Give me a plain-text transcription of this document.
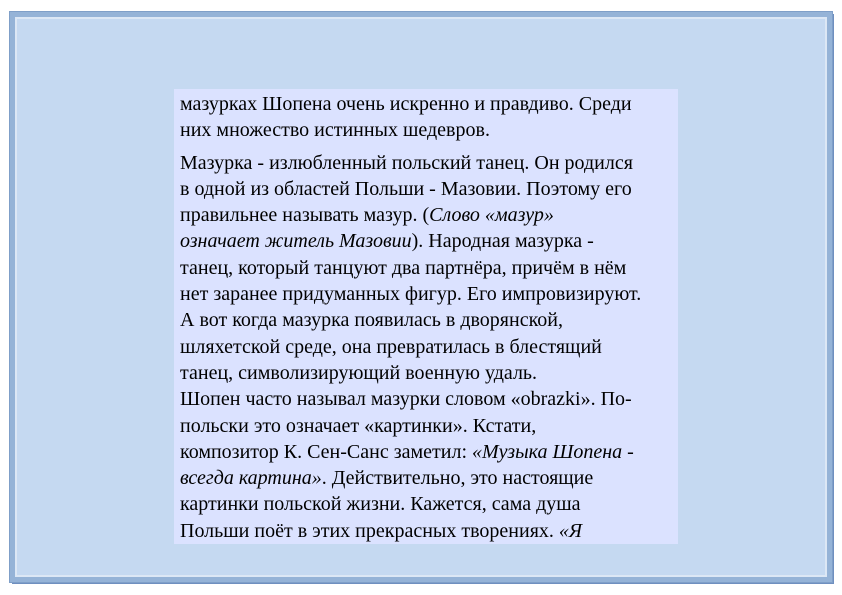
мазурках Шопена очень искренно и правдиво. Среди

них множество истинных шедевров.

Мазурка - излюбленный польский танец. Он родился

в одной из областей Польши - Мазовии. Поэтому его

правильнее называть мазур. (Слово «мазур»

означает житель Мазовии). Народная мазурка -

танец, который танцуют два партнёра, причём в нём

нет заранее придуманных фигур. Его импровизируют.

А вот когда мазурка появилась в дворянской,

шляхетской среде, она превратилась в блестящий

танец, символизирующий военную удаль.

Шопен часто называл мазурки словом «obrazki». По-

польски это означает «картинки». Кстати,

композитор К. Сен-Санс заметил: «Музыка Шопена -

всегда картина». Действительно, это настоящие

картинки польской жизни. Кажется, сама душа

Польши поёт в этих прекрасных творениях. «Я
